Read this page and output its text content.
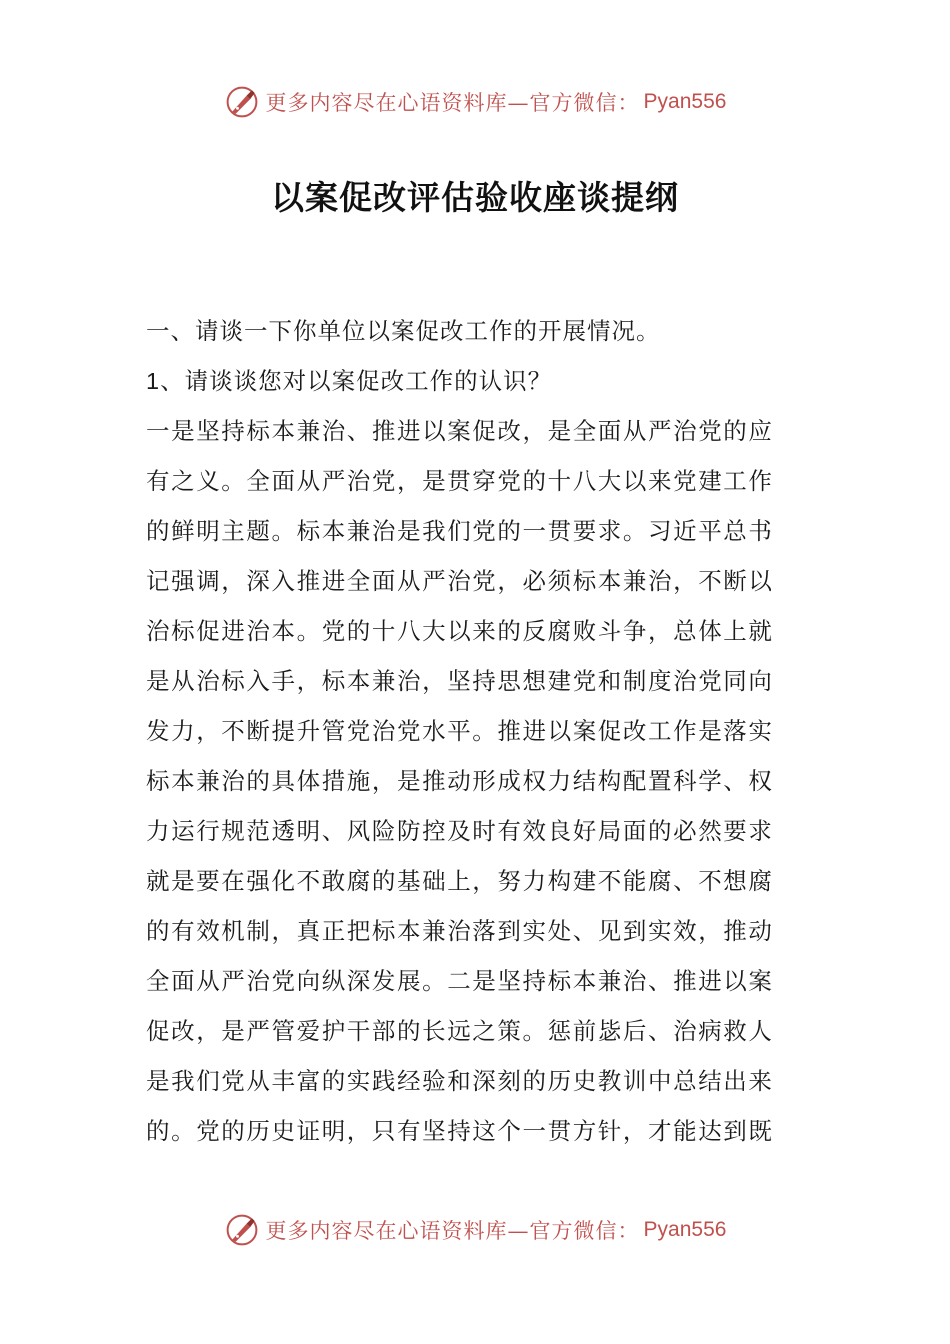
更多内容尽在心语资料库—官方微信： Pyan556
以案促改评估验收座谈提纲
一、请谈一下你单位以案促改工作的开展情况。
1、请谈谈您对以案促改工作的认识？
一是坚持标本兼治、推进以案促改，是全面从严治党的应
有之义。全面从严治党，是贯穿党的十八大以来党建工作
的鲜明主题。标本兼治是我们党的一贯要求。习近平总书
记强调，深入推进全面从严治党，必须标本兼治，不断以
治标促进治本。党的十八大以来的反腐败斗争，总体上就
是从治标入手，标本兼治，坚持思想建党和制度治党同向
发力，不断提升管党治党水平。推进以案促改工作是落实
标本兼治的具体措施，是推动形成权力结构配置科学、权
力运行规范透明、风险防控及时有效良好局面的必然要求
就是要在强化不敢腐的基础上，努力构建不能腐、不想腐
的有效机制，真正把标本兼治落到实处、见到实效，推动
全面从严治党向纵深发展。二是坚持标本兼治、推进以案
促改，是严管爱护干部的长远之策。惩前毖后、治病救人
是我们党从丰富的实践经验和深刻的历史教训中总结出来
的。党的历史证明，只有坚持这个一贯方针，才能达到既
更多内容尽在心语资料库—官方微信： Pyan556
